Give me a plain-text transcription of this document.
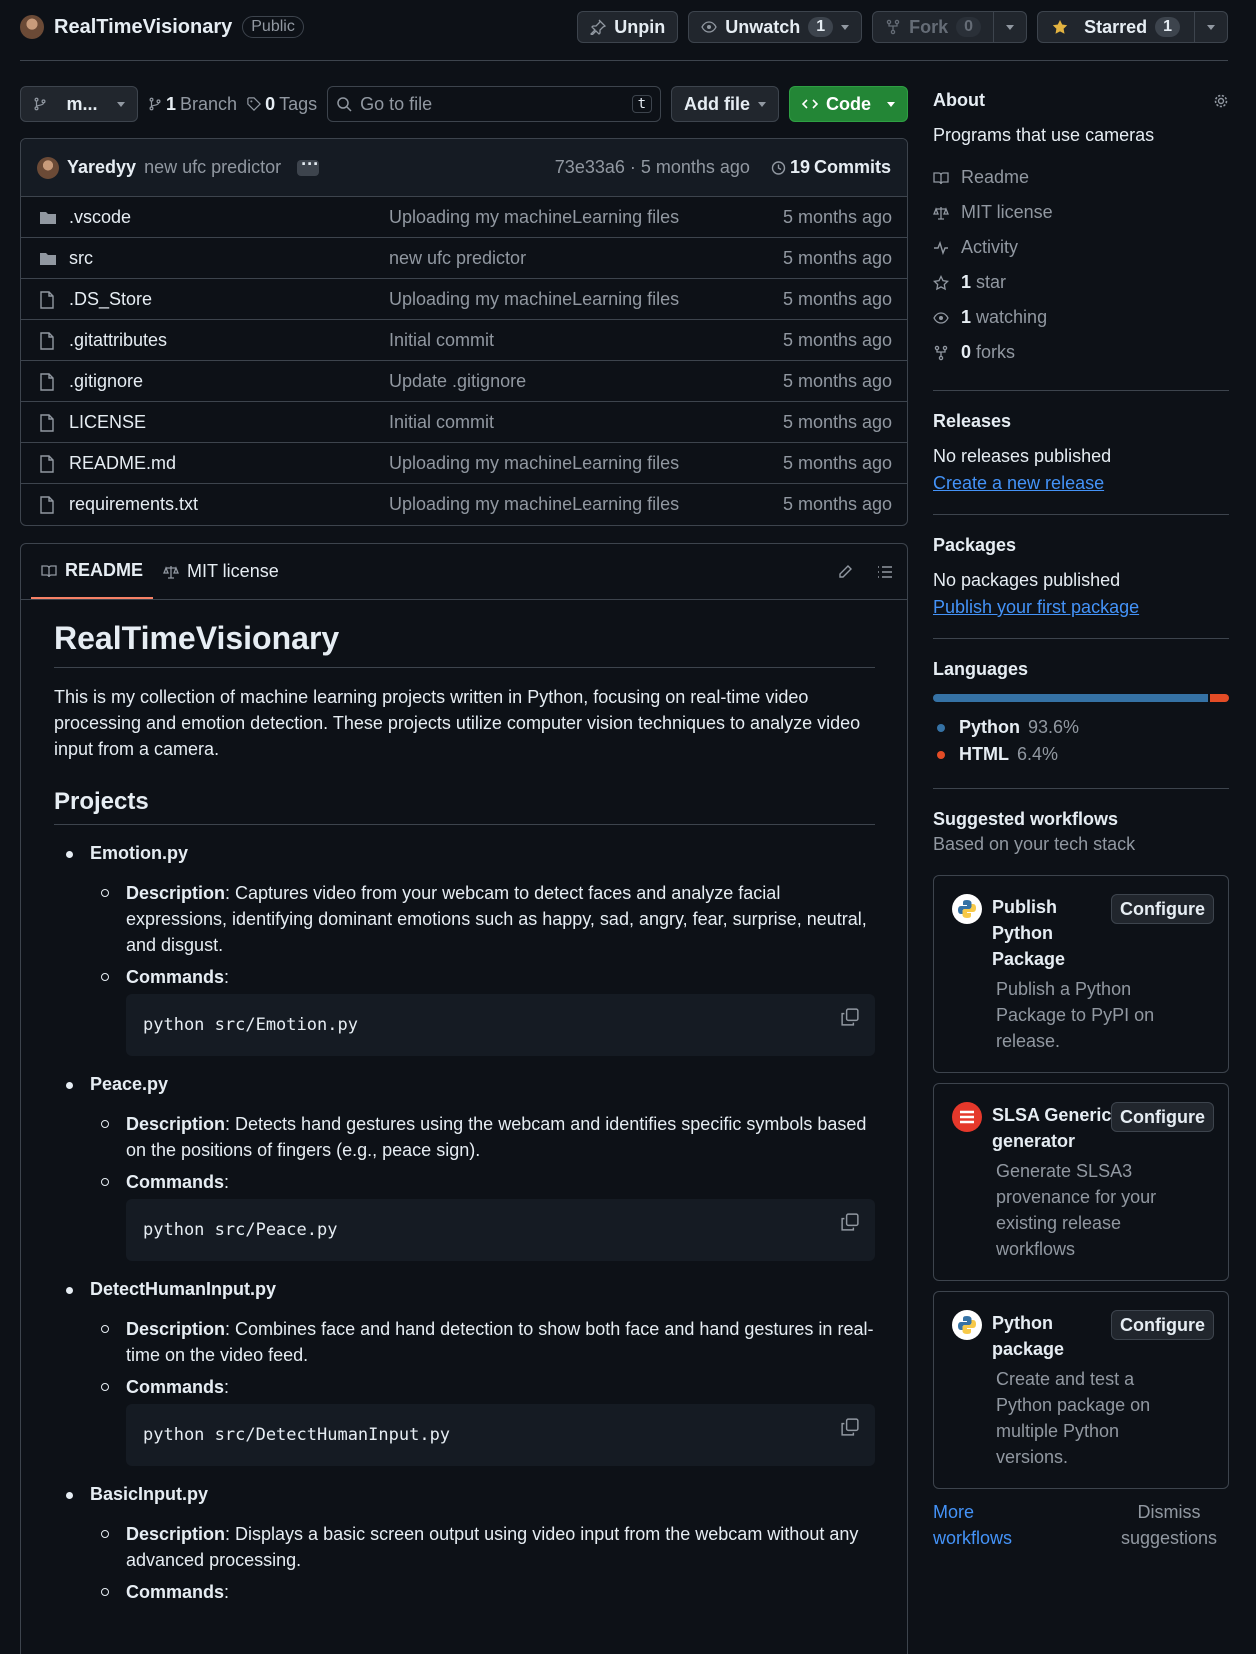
RealTimeVisionary	Public	Unpin	Unwatch	1	Fork	0	Starred	1
m...	1 Branch 0 Tags Go to file	t	Add file	Code
Yaredyy new ufc predictor ···	73e33a6 · 5 months ago 19 Commits
.vscode	Uploading my machineLearning files	5 months ago
src	new ufc predictor	5 months ago
.DS_Store	Uploading my machineLearning files	5 months ago
.gitattributes	Initial commit	5 months ago
.gitignore	Update .gitignore	5 months ago
LICENSE	Initial commit	5 months ago
README.md	Uploading my machineLearning files	5 months ago
requirements.txt	Uploading my machineLearning files	5 months ago
README MIT license
RealTimeVisionary

This is my collection of machine learning projects written in Python, focusing on real-time video processing and emotion detection. These projects utilize computer vision techniques to analyze video input from a camera.

Projects
Emotion.py
Description: Captures video from your webcam to detect faces and analyze facial expressions, identifying dominant emotions such as happy, sad, angry, fear, surprise, neutral, and disgust.
Commands:
python src/Emotion.py
Peace.py
Description: Detects hand gestures using the webcam and identifies specific symbols based on the positions of fingers (e.g., peace sign).
Commands:
python src/Peace.py
DetectHumanInput.py
Description: Combines face and hand detection to show both face and hand gestures in real-time on the video feed.
Commands:
python src/DetectHumanInput.py
BasicInput.py
Description: Displays a basic screen output using video input from the webcam without any advanced processing.
Commands:
About
Programs that use cameras
Readme
MIT license
Activity
1 star
1 watching
0 forks
Releases
No releases published
Create a new release
Packages
No packages published
Publish your first package
Languages
Python 93.6%
HTML 6.4%
Suggested workflows
Based on your tech stack
Publish Python Package
Publish a Python Package to PyPI on release.
Configure
SLSA Generic generator
Generate SLSA3 provenance for your existing release workflows
Configure
Python package
Create and test a Python package on multiple Python versions.
Configure
More workflows
Dismiss suggestions
